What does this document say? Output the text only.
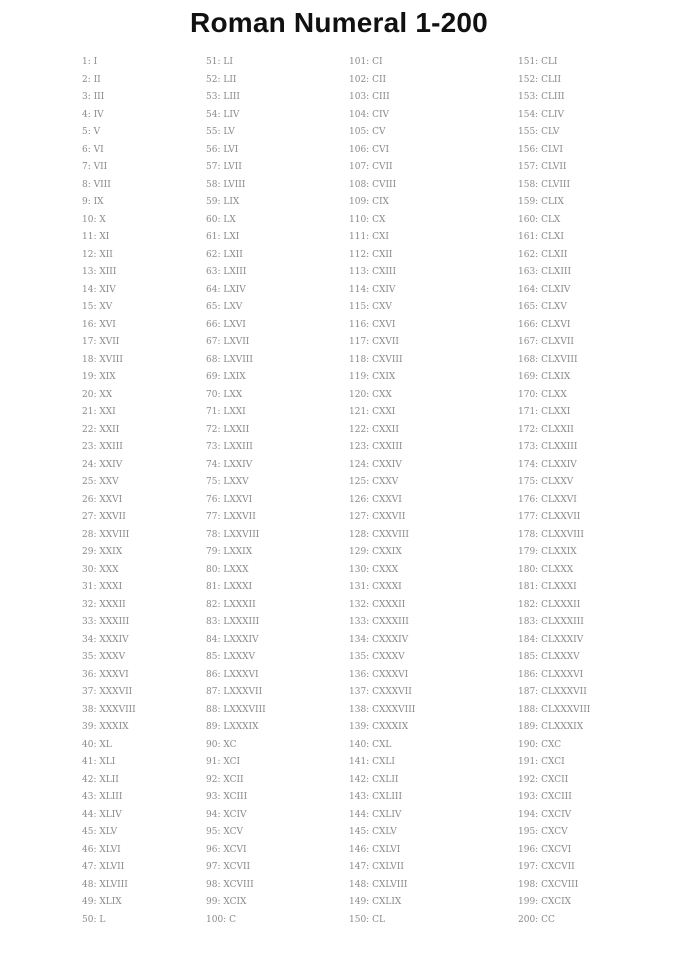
Roman Numeral 1-200
1: I
2: II
3: III
4: IV
5: V
6: VI
7: VII
8: VIII
9: IX
10: X
11: XI
12: XII
13: XIII
14: XIV
15: XV
16: XVI
17: XVII
18: XVIII
19: XIX
20: XX
21: XXI
22: XXII
23: XXIII
24: XXIV
25: XXV
26: XXVI
27: XXVII
28: XXVIII
29: XXIX
30: XXX
31: XXXI
32: XXXII
33: XXXIII
34: XXXIV
35: XXXV
36: XXXVI
37: XXXVII
38: XXXVIII
39: XXXIX
40: XL
41: XLI
42: XLII
43: XLIII
44: XLIV
45: XLV
46: XLVI
47: XLVII
48: XLVIII
49: XLIX
50: L
51: LI
52: LII
53: LIII
54: LIV
55: LV
56: LVI
57: LVII
58: LVIII
59: LIX
60: LX
61: LXI
62: LXII
63: LXIII
64: LXIV
65: LXV
66: LXVI
67: LXVII
68: LXVIII
69: LXIX
70: LXX
71: LXXI
72: LXXII
73: LXXIII
74: LXXIV
75: LXXV
76: LXXVI
77: LXXVII
78: LXXVIII
79: LXXIX
80: LXXX
81: LXXXI
82: LXXXII
83: LXXXIII
84: LXXXIV
85: LXXXV
86: LXXXVI
87: LXXXVII
88: LXXXVIII
89: LXXXIX
90: XC
91: XCI
92: XCII
93: XCIII
94: XCIV
95: XCV
96: XCVI
97: XCVII
98: XCVIII
99: XCIX
100: C
101: CI
102: CII
103: CIII
104: CIV
105: CV
106: CVI
107: CVII
108: CVIII
109: CIX
110: CX
111: CXI
112: CXII
113: CXIII
114: CXIV
115: CXV
116: CXVI
117: CXVII
118: CXVIII
119: CXIX
120: CXX
121: CXXI
122: CXXII
123: CXXIII
124: CXXIV
125: CXXV
126: CXXVI
127: CXXVII
128: CXXVIII
129: CXXIX
130: CXXX
131: CXXXI
132: CXXXII
133: CXXXIII
134: CXXXIV
135: CXXXV
136: CXXXVI
137: CXXXVII
138: CXXXVIII
139: CXXXIX
140: CXL
141: CXLI
142: CXLII
143: CXLIII
144: CXLIV
145: CXLV
146: CXLVI
147: CXLVII
148: CXLVIII
149: CXLIX
150: CL
151: CLI
152: CLII
153: CLIII
154: CLIV
155: CLV
156: CLVI
157: CLVII
158: CLVIII
159: CLIX
160: CLX
161: CLXI
162: CLXII
163: CLXIII
164: CLXIV
165: CLXV
166: CLXVI
167: CLXVII
168: CLXVIII
169: CLXIX
170: CLXX
171: CLXXI
172: CLXXII
173: CLXXIII
174: CLXXIV
175: CLXXV
176: CLXXVI
177: CLXXVII
178: CLXXVIII
179: CLXXIX
180: CLXXX
181: CLXXXI
182: CLXXXII
183: CLXXXIII
184: CLXXXIV
185: CLXXXV
186: CLXXXVI
187: CLXXXVII
188: CLXXXVIII
189: CLXXXIX
190: CXC
191: CXCI
192: CXCII
193: CXCIII
194: CXCIV
195: CXCV
196: CXCVI
197: CXCVII
198: CXCVIII
199: CXCIX
200: CC
